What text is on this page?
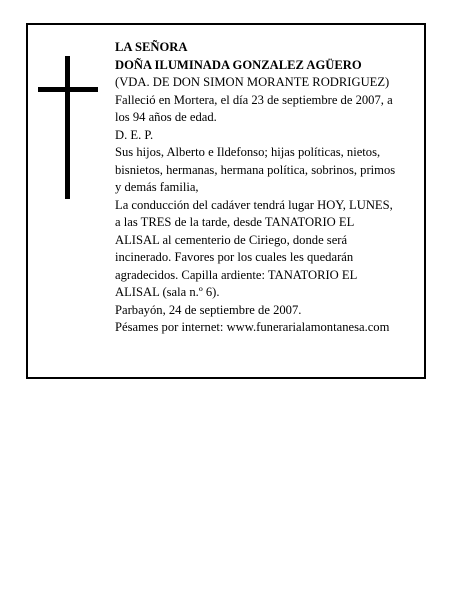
LA SEÑORA
DOÑA ILUMINADA GONZALEZ AGÜERO
(VDA. DE DON SIMON MORANTE RODRIGUEZ)
Falleció en Mortera, el día 23 de septiembre de 2007, a
los 94 años de edad.
D. E. P.
Sus hijos, Alberto e Ildefonso; hijas políticas, nietos,
bisnietos, hermanas, hermana política, sobrinos, primos
y demás familia,
La conducción del cadáver tendrá lugar HOY, LUNES,
a las TRES de la tarde, desde TANATORIO EL
ALISAL al cementerio de Ciriego, donde será
incinerado. Favores por los cuales les quedarán
agradecidos. Capilla ardiente: TANATORIO EL
ALISAL (sala n.º 6).
Parbayón, 24 de septiembre de 2007.
Pésames por internet: www.funerarialamontanesa.com
